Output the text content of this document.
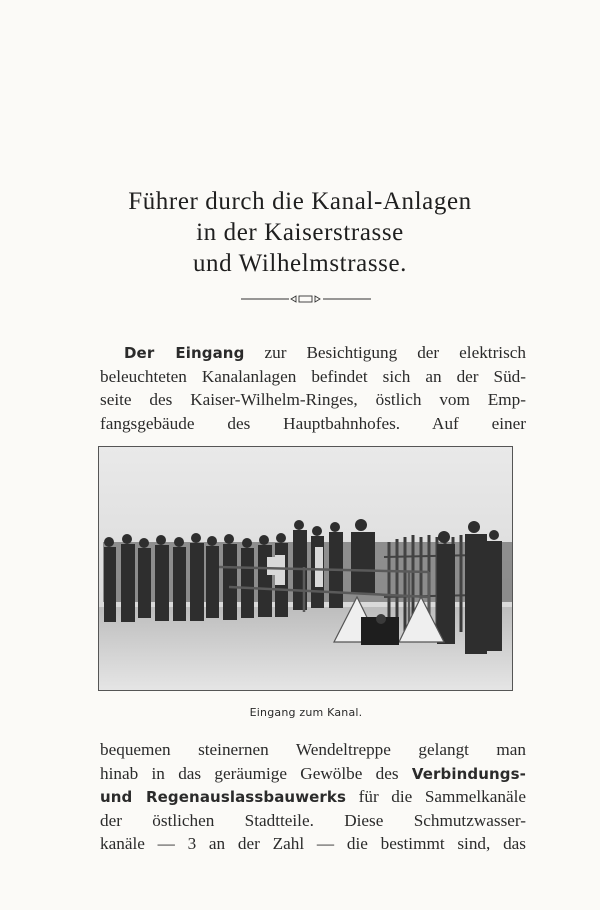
Führer durch die Kanal-Anlagen
in der Kaiserstrasse
und Wilhelmstrasse.
Der Eingang zur Besichtigung der elektrisch
beleuchteten Kanalanlagen befindet sich an der Süd-
seite des Kaiser-Wilhelm-Ringes, östlich vom Emp-
fangsgebäude des Hauptbahnhofes. Auf einer
Eingang zum Kanal.
bequemen steinernen Wendeltreppe gelangt man
hinab in das geräumige Gewölbe des Verbindungs-
und Regenauslassbauwerks für die Sammelkanäle
der östlichen Stadtteile. Diese Schmutzwasser-
kanäle — 3 an der Zahl — die bestimmt sind, das
